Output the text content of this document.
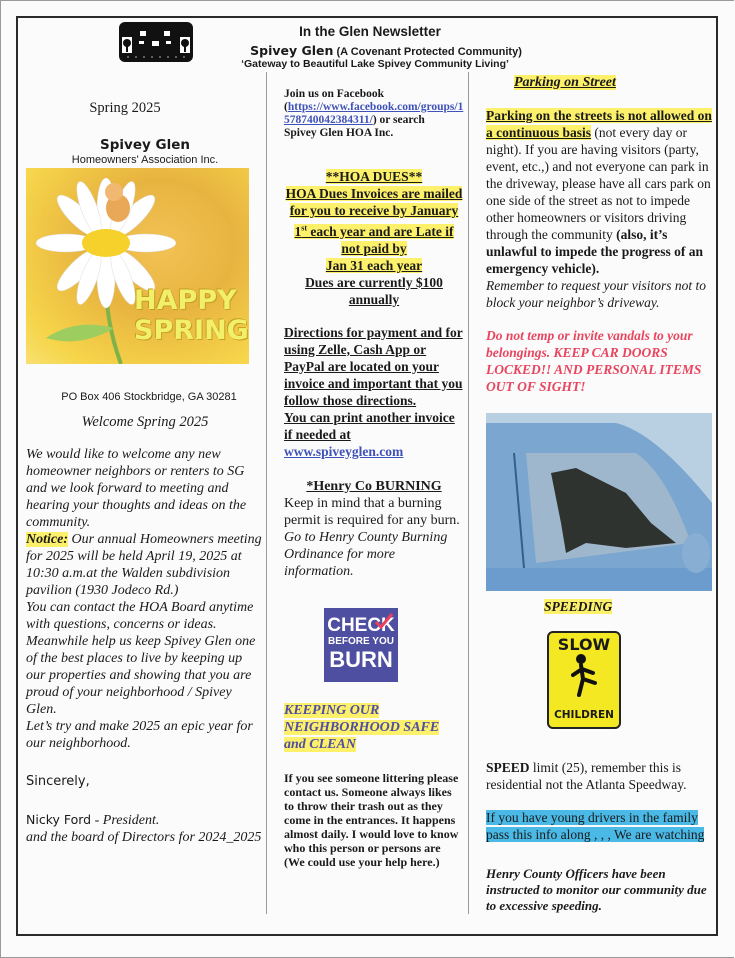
In the Glen Newsletter
Spivey Glen (A Covenant Protected Community)
‘Gateway to Beautiful Lake Spivey Community Living’
Spring 2025
Spivey Glen
Homeowners' Association Inc.
HAPPY
SPRING
PO Box 406 Stockbridge, GA 30281
Welcome Spring 2025
We would like to welcome any new homeowner neighbors or renters to SG and we look forward to meeting and hearing your thoughts and ideas on the community.
Notice: Our annual Homeowners meeting for 2025 will be held April 19, 2025 at 10:30 a.m.at the Walden subdivision pavilion (1930 Jodeco Rd.)
You can contact the HOA Board anytime with questions, concerns or ideas.
Meanwhile help us keep Spivey Glen one of the best places to live by keeping up our properties and showing that you are proud of your neighborhood / Spivey Glen.
Let’s try and make 2025 an epic year for our neighborhood.
Sincerely,
Nicky Ford - President.
and the board of Directors for 2024_2025
Join us on Facebook
(https://www.facebook.com/groups/1578740042384311/) or search
Spivey Glen HOA Inc.
**HOA DUES**
HOA Dues Invoices are mailed for you to receive by January 1st each year and are Late if not paid by
Jan 31 each year
Dues are currently $100 annually
Directions for payment and for using Zelle, Cash App or PayPal are located on your invoice and important that you follow those directions.
You can print another invoice if needed at
www.spiveyglen.com
*Henry Co BURNING
Keep in mind that a burning permit is required for any burn. Go to Henry County Burning Ordinance for more information.
CHECK
BEFORE YOU
BURN
KEEPING OUR NEIGHBORHOOD SAFE and CLEAN
If you see someone littering please contact us. Someone always likes to throw their trash out as they come in the entrances. It happens almost daily. I would love to know who this person or persons are (We could use your help here.)
Parking on Street
Parking on the streets is not allowed on a continuous basis (not every day or night). If you are having visitors (party, event, etc.,) and not everyone can park in the driveway, please have all cars park on one side of the street as not to impede other homeowners or visitors driving through the community (also, it’s unlawful to impede the progress of an emergency vehicle).
Remember to request your visitors not to block your neighbor’s driveway.
Do not temp or invite vandals to your belongings. KEEP CAR DOORS LOCKED!! AND PERSONAL ITEMS OUT OF SIGHT!
SPEEDING
SLOW
CHILDREN
SPEED limit (25), remember this is residential not the Atlanta Speedway.
If you have young drivers in the family pass this info along , , , We are watching
Henry County Officers have been instructed to monitor our community due to excessive speeding.
